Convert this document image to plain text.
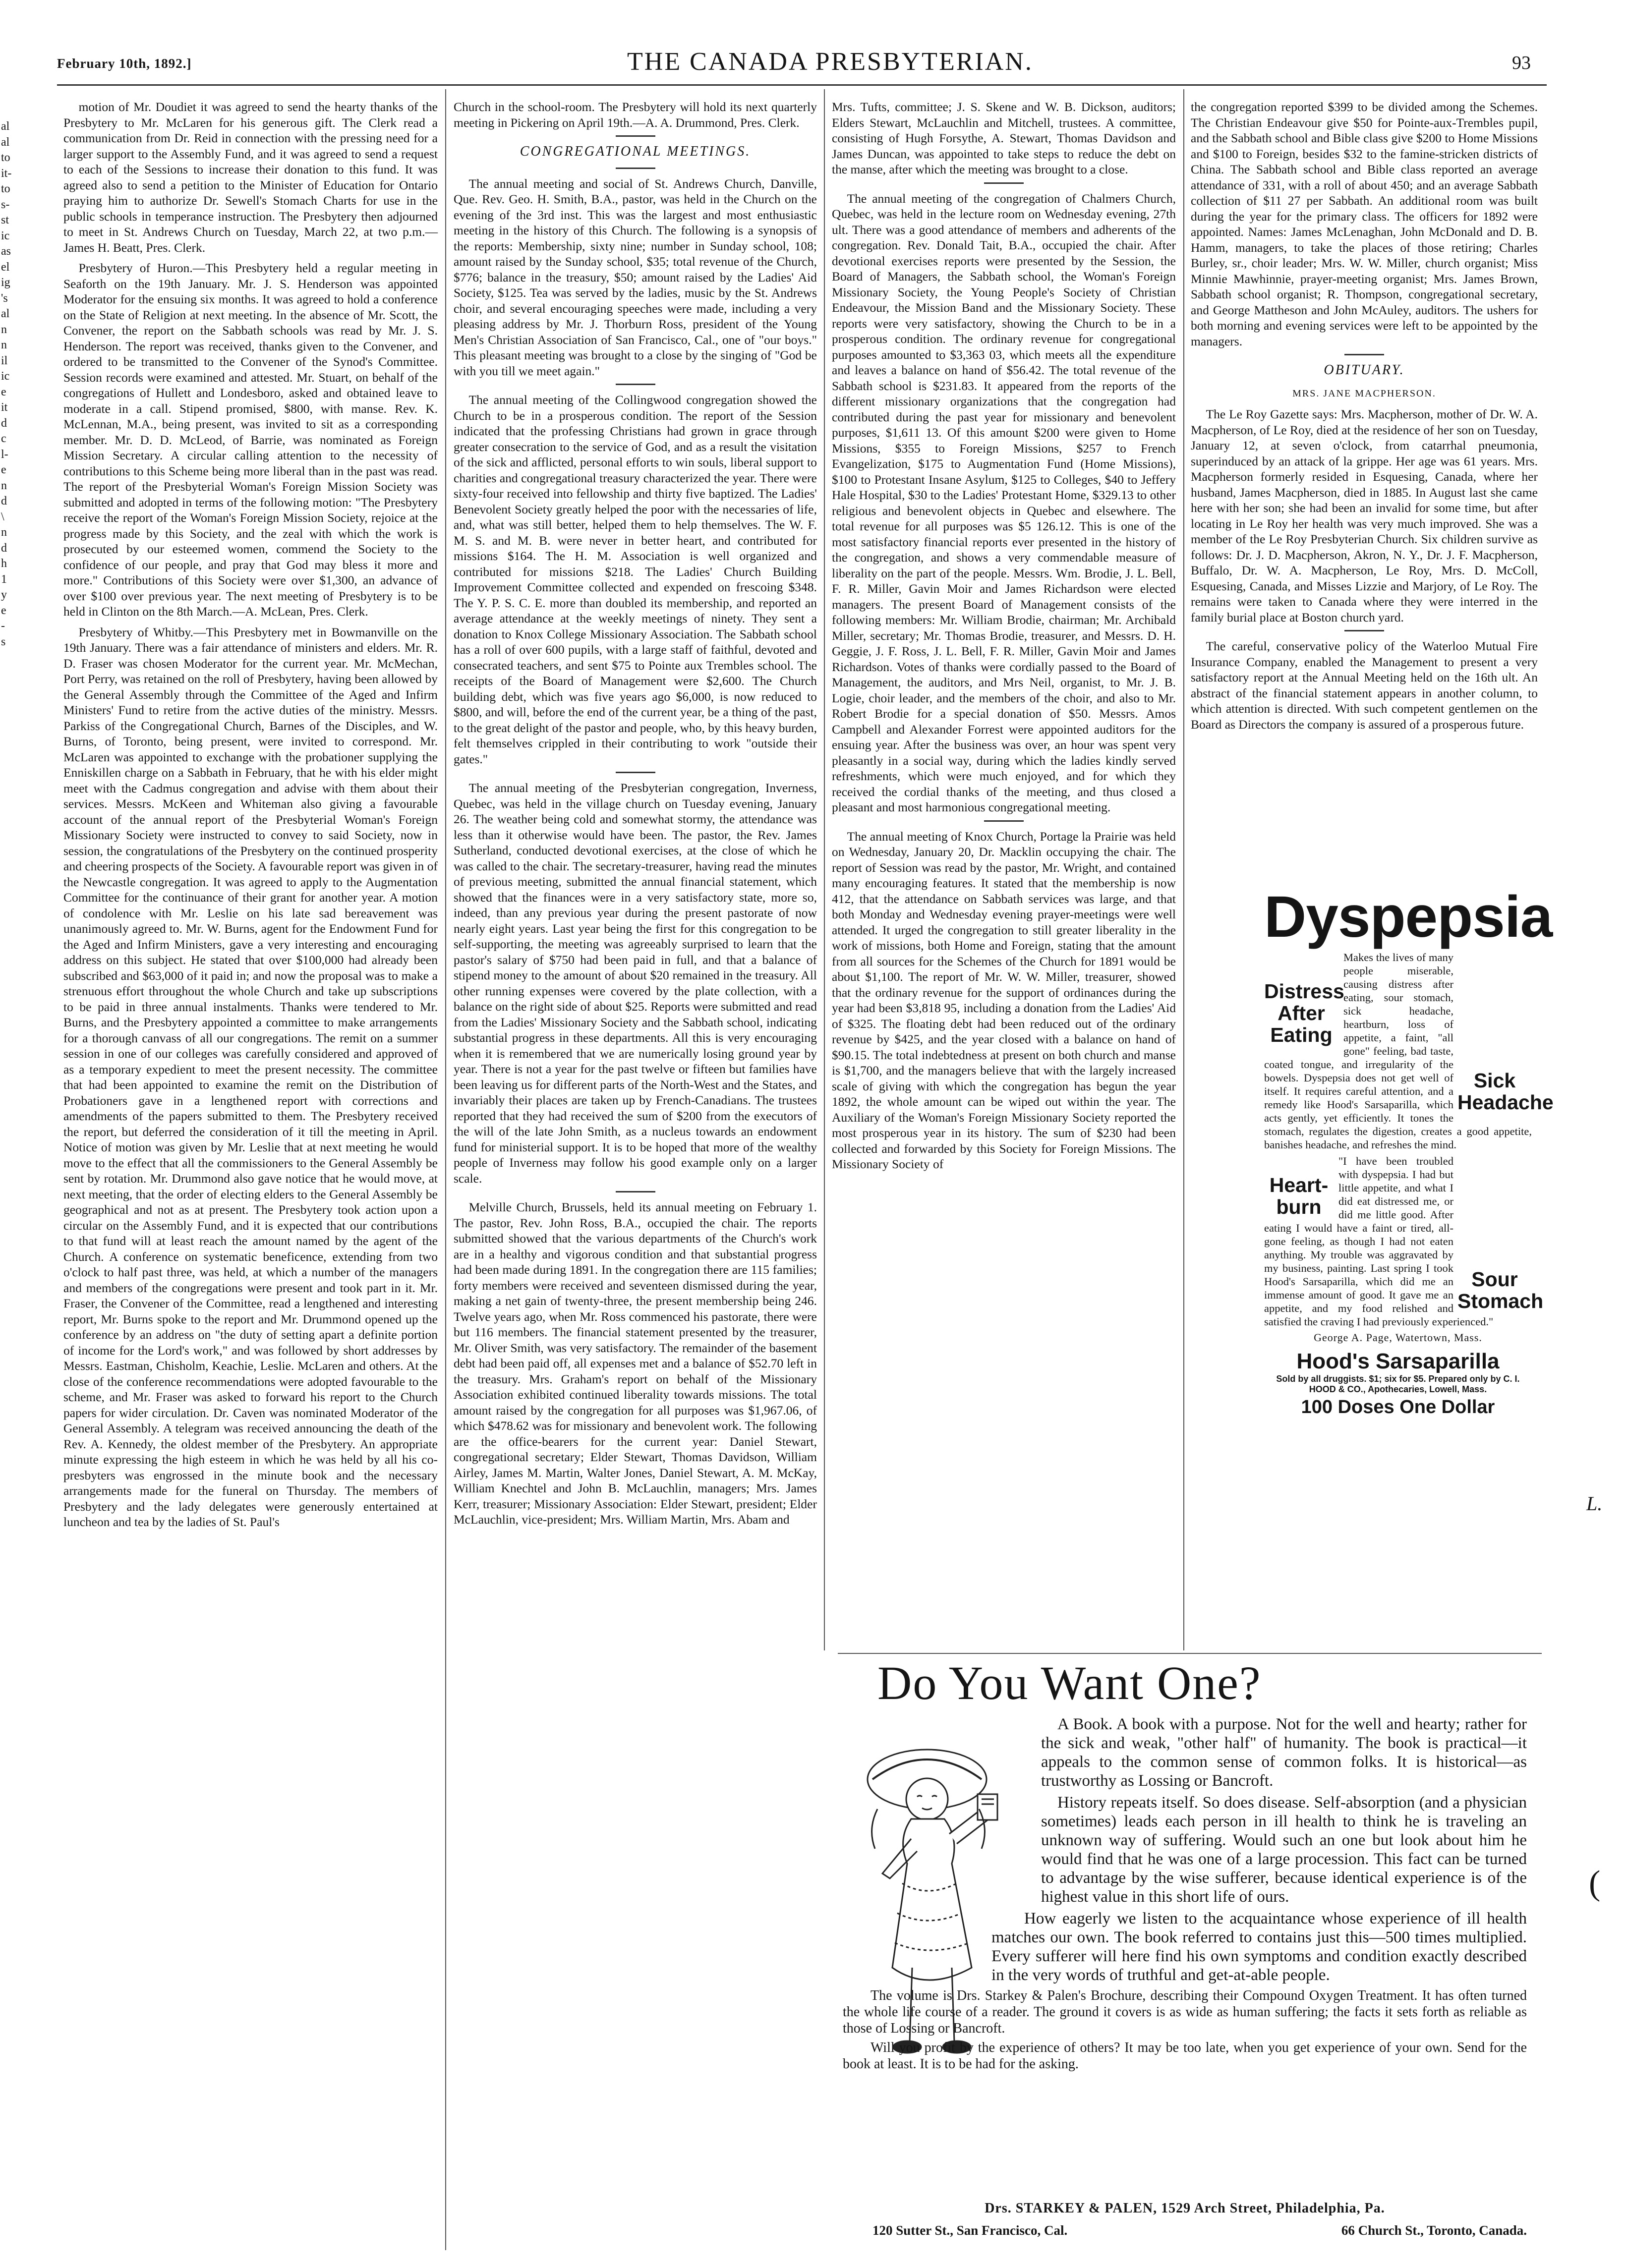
February 10th, 1892.]	THE CANADA PRESBYTERIAN.	93
al
al
to
it-
to
s-
st
ic
as
el
ig
's
al
n
n
il
ic
e
it
d
c
l-
e
n
d
\
n
d
h
1
y
e
-
s

motion of Mr. Doudiet it was agreed to send the hearty thanks of the Presbytery to Mr. McLaren for his generous gift. The Clerk read a communication from Dr. Reid in connection with the pressing need for a larger support to the Assembly Fund, and it was agreed to send a request to each of the Sessions to increase their donation to this fund. It was agreed also to send a petition to the Minister of Education for Ontario praying him to authorize Dr. Sewell's Stomach Charts for use in the public schools in temperance instruction. The Presbytery then adjourned to meet in St. Andrews Church on Tuesday, March 22, at two p.m.—James H. Beatt, Pres. Clerk.

Presbytery of Huron.—This Presbytery held a regular meeting in Seaforth on the 19th January. Mr. J. S. Henderson was appointed Moderator for the ensuing six months. It was agreed to hold a conference on the State of Religion at next meeting. In the absence of Mr. Scott, the Convener, the report on the Sabbath schools was read by Mr. J. S. Henderson. The report was received, thanks given to the Convener, and ordered to be transmitted to the Convener of the Synod's Committee. Session records were examined and attested. Mr. Stuart, on behalf of the congregations of Hullett and Londesboro, asked and obtained leave to moderate in a call. Stipend promised, $800, with manse. Rev. K. McLennan, M.A., being present, was invited to sit as a corresponding member. Mr. D. D. McLeod, of Barrie, was nominated as Foreign Mission Secretary. A circular calling attention to the necessity of contributions to this Scheme being more liberal than in the past was read. The report of the Presbyterial Woman's Foreign Mission Society was submitted and adopted in terms of the following motion: "The Presbytery receive the report of the Woman's Foreign Mission Society, rejoice at the progress made by this Society, and the zeal with which the work is prosecuted by our esteemed women, commend the Society to the confidence of our people, and pray that God may bless it more and more." Contributions of this Society were over $1,300, an advance of over $100 over previous year. The next meeting of Presbytery is to be held in Clinton on the 8th March.—A. McLean, Pres. Clerk.

Presbytery of Whitby.—This Presbytery met in Bowmanville on the 19th January. There was a fair attendance of ministers and elders. Mr. R. D. Fraser was chosen Moderator for the current year. Mr. McMechan, Port Perry, was retained on the roll of Presbytery, having been allowed by the General Assembly through the Committee of the Aged and Infirm Ministers' Fund to retire from the active duties of the ministry. Messrs. Parkiss of the Congregational Church, Barnes of the Disciples, and W. Burns, of Toronto, being present, were invited to correspond. Mr. McLaren was appointed to exchange with the probationer supplying the Enniskillen charge on a Sabbath in February, that he with his elder might meet with the Cadmus congregation and advise with them about their services. Messrs. McKeen and Whiteman also giving a favourable account of the annual report of the Presbyterial Woman's Foreign Missionary Society were instructed to convey to said Society, now in session, the congratulations of the Presbytery on the continued prosperity and cheering prospects of the Society. A favourable report was given in of the Newcastle congregation. It was agreed to apply to the Augmentation Committee for the continuance of their grant for another year. A motion of condolence with Mr. Leslie on his late sad bereavement was unanimously agreed to. Mr. W. Burns, agent for the Endowment Fund for the Aged and Infirm Ministers, gave a very interesting and encouraging address on this subject. He stated that over $100,000 had already been subscribed and $63,000 of it paid in; and now the proposal was to make a strenuous effort throughout the whole Church and take up subscriptions to be paid in three annual instalments. Thanks were tendered to Mr. Burns, and the Presbytery appointed a committee to make arrangements for a thorough canvass of all our congregations. The remit on a summer session in one of our colleges was carefully considered and approved of as a temporary expedient to meet the present necessity. The committee that had been appointed to examine the remit on the Distribution of Probationers gave in a lengthened report with corrections and amendments of the papers submitted to them. The Presbytery received the report, but deferred the consideration of it till the meeting in April. Notice of motion was given by Mr. Leslie that at next meeting he would move to the effect that all the commissioners to the General Assembly be sent by rotation. Mr. Drummond also gave notice that he would move, at next meeting, that the order of electing elders to the General Assembly be geographical and not as at present. The Presbytery took action upon a circular on the Assembly Fund, and it is expected that our contributions to that fund will at least reach the amount named by the agent of the Church. A conference on systematic beneficence, extending from two o'clock to half past three, was held, at which a number of the managers and members of the congregations were present and took part in it. Mr. Fraser, the Convener of the Committee, read a lengthened and interesting report, Mr. Burns spoke to the report and Mr. Drummond opened up the conference by an address on "the duty of setting apart a definite portion of income for the Lord's work," and was followed by short addresses by Messrs. Eastman, Chisholm, Keachie, Leslie. McLaren and others. At the close of the conference recommendations were adopted favourable to the scheme, and Mr. Fraser was asked to forward his report to the Church papers for wider circulation. Dr. Caven was nominated Moderator of the General Assembly. A telegram was received announcing the death of the Rev. A. Kennedy, the oldest member of the Presbytery. An appropriate minute expressing the high esteem in which he was held by all his co-presbyters was engrossed in the minute book and the necessary arrangements made for the funeral on Thursday. The members of Presbytery and the lady delegates were generously entertained at luncheon and tea by the ladies of St. Paul's

Church in the school-room. The Presbytery will hold its next quarterly meeting in Pickering on April 19th.—A. A. Drummond, Pres. Clerk.

CONGREGATIONAL MEETINGS.

The annual meeting and social of St. Andrews Church, Danville, Que. Rev. Geo. H. Smith, B.A., pastor, was held in the Church on the evening of the 3rd inst. This was the largest and most enthusiastic meeting in the history of this Church. The following is a synopsis of the reports: Membership, sixty nine; number in Sunday school, 108; amount raised by the Sunday school, $35; total revenue of the Church, $776; balance in the treasury, $50; amount raised by the Ladies' Aid Society, $125. Tea was served by the ladies, music by the St. Andrews choir, and several encouraging speeches were made, including a very pleasing address by Mr. J. Thorburn Ross, president of the Young Men's Christian Association of San Francisco, Cal., one of "our boys." This pleasant meeting was brought to a close by the singing of "God be with you till we meet again."

The annual meeting of the Collingwood congregation showed the Church to be in a prosperous condition. The report of the Session indicated that the professing Christians had grown in grace through greater consecration to the service of God, and as a result the visitation of the sick and afflicted, personal efforts to win souls, liberal support to charities and congregational treasury characterized the year. There were sixty-four received into fellowship and thirty five baptized. The Ladies' Benevolent Society greatly helped the poor with the necessaries of life, and, what was still better, helped them to help themselves. The W. F. M. S. and M. B. were never in better heart, and contributed for missions $164. The H. M. Association is well organized and contributed for missions $218. The Ladies' Church Building Improvement Committee collected and expended on frescoing $348. The Y. P. S. C. E. more than doubled its membership, and reported an average attendance at the weekly meetings of ninety. They sent a donation to Knox College Missionary Association. The Sabbath school has a roll of over 600 pupils, with a large staff of faithful, devoted and consecrated teachers, and sent $75 to Pointe aux Trembles school. The receipts of the Board of Management were $2,600. The Church building debt, which was five years ago $6,000, is now reduced to $800, and will, before the end of the current year, be a thing of the past, to the great delight of the pastor and people, who, by this heavy burden, felt themselves crippled in their contributing to work "outside their gates."

The annual meeting of the Presbyterian congregation, Inverness, Quebec, was held in the village church on Tuesday evening, January 26. The weather being cold and somewhat stormy, the attendance was less than it otherwise would have been. The pastor, the Rev. James Sutherland, conducted devotional exercises, at the close of which he was called to the chair. The secretary-treasurer, having read the minutes of previous meeting, submitted the annual financial statement, which showed that the finances were in a very satisfactory state, more so, indeed, than any previous year during the present pastorate of now nearly eight years. Last year being the first for this congregation to be self-supporting, the meeting was agreeably surprised to learn that the pastor's salary of $750 had been paid in full, and that a balance of stipend money to the amount of about $20 remained in the treasury. All other running expenses were covered by the plate collection, with a balance on the right side of about $25. Reports were submitted and read from the Ladies' Missionary Society and the Sabbath school, indicating substantial progress in these departments. All this is very encouraging when it is remembered that we are numerically losing ground year by year. There is not a year for the past twelve or fifteen but families have been leaving us for different parts of the North-West and the States, and invariably their places are taken up by French-Canadians. The trustees reported that they had received the sum of $200 from the executors of the will of the late John Smith, as a nucleus towards an endowment fund for ministerial support. It is to be hoped that more of the wealthy people of Inverness may follow his good example only on a larger scale.

Melville Church, Brussels, held its annual meeting on February 1. The pastor, Rev. John Ross, B.A., occupied the chair. The reports submitted showed that the various departments of the Church's work are in a healthy and vigorous condition and that substantial progress had been made during 1891. In the congregation there are 115 families; forty members were received and seventeen dismissed during the year, making a net gain of twenty-three, the present membership being 246. Twelve years ago, when Mr. Ross commenced his pastorate, there were but 116 members. The financial statement presented by the treasurer, Mr. Oliver Smith, was very satisfactory. The remainder of the basement debt had been paid off, all expenses met and a balance of $52.70 left in the treasury. Mrs. Graham's report on behalf of the Missionary Association exhibited continued liberality towards missions. The total amount raised by the congregation for all purposes was $1,967.06, of which $478.62 was for missionary and benevolent work. The following are the office-bearers for the current year: Daniel Stewart, congregational secretary; Elder Stewart, Thomas Davidson, William Airley, James M. Martin, Walter Jones, Daniel Stewart, A. M. McKay, William Knechtel and John B. McLauchlin, managers; Mrs. James Kerr, treasurer; Missionary Association: Elder Stewart, president; Elder McLauchlin, vice-president; Mrs. William Martin, Mrs. Abam and

Mrs. Tufts, committee; J. S. Skene and W. B. Dickson, auditors; Elders Stewart, McLauchlin and Mitchell, trustees. A committee, consisting of Hugh Forsythe, A. Stewart, Thomas Davidson and James Duncan, was appointed to take steps to reduce the debt on the manse, after which the meeting was brought to a close.

The annual meeting of the congregation of Chalmers Church, Quebec, was held in the lecture room on Wednesday evening, 27th ult. There was a good attendance of members and adherents of the congregation. Rev. Donald Tait, B.A., occupied the chair. After devotional exercises reports were presented by the Session, the Board of Managers, the Sabbath school, the Woman's Foreign Missionary Society, the Young People's Society of Christian Endeavour, the Mission Band and the Missionary Society. These reports were very satisfactory, showing the Church to be in a prosperous condition. The ordinary revenue for congregational purposes amounted to $3,363 03, which meets all the expenditure and leaves a balance on hand of $56.42. The total revenue of the Sabbath school is $231.83. It appeared from the reports of the different missionary organizations that the congregation had contributed during the past year for missionary and benevolent purposes, $1,611 13. Of this amount $200 were given to Home Missions, $355 to Foreign Missions, $257 to French Evangelization, $175 to Augmentation Fund (Home Missions), $100 to Protestant Insane Asylum, $125 to Colleges, $40 to Jeffery Hale Hospital, $30 to the Ladies' Protestant Home, $329.13 to other religious and benevolent objects in Quebec and elsewhere. The total revenue for all purposes was $5 126.12. This is one of the most satisfactory financial reports ever presented in the history of the congregation, and shows a very commendable measure of liberality on the part of the people. Messrs. Wm. Brodie, J. L. Bell, F. R. Miller, Gavin Moir and James Richardson were elected managers. The present Board of Management consists of the following members: Mr. William Brodie, chairman; Mr. Archibald Miller, secretary; Mr. Thomas Brodie, treasurer, and Messrs. D. H. Geggie, J. F. Ross, J. L. Bell, F. R. Miller, Gavin Moir and James Richardson. Votes of thanks were cordially passed to the Board of Management, the auditors, and Mrs Neil, organist, to Mr. J. B. Logie, choir leader, and the members of the choir, and also to Mr. Robert Brodie for a special donation of $50. Messrs. Amos Campbell and Alexander Forrest were appointed auditors for the ensuing year. After the business was over, an hour was spent very pleasantly in a social way, during which the ladies kindly served refreshments, which were much enjoyed, and for which they received the cordial thanks of the meeting, and thus closed a pleasant and most harmonious congregational meeting.

The annual meeting of Knox Church, Portage la Prairie was held on Wednesday, January 20, Dr. Macklin occupying the chair. The report of Session was read by the pastor, Mr. Wright, and contained many encouraging features. It stated that the membership is now 412, that the attendance on Sabbath services was large, and that both Monday and Wednesday evening prayer-meetings were well attended. It urged the congregation to still greater liberality in the work of missions, both Home and Foreign, stating that the amount from all sources for the Schemes of the Church for 1891 would be about $1,100. The report of Mr. W. W. Miller, treasurer, showed that the ordinary revenue for the support of ordinances during the year had been $3,818 95, including a donation from the Ladies' Aid of $325. The floating debt had been reduced out of the ordinary revenue by $425, and the year closed with a balance on hand of $90.15. The total indebtedness at present on both church and manse is $1,700, and the managers believe that with the largely increased scale of giving with which the congregation has begun the year 1892, the whole amount can be wiped out within the year. The Auxiliary of the Woman's Foreign Missionary Society reported the most prosperous year in its history. The sum of $230 had been collected and forwarded by this Society for Foreign Missions. The Missionary Society of

the congregation reported $399 to be divided among the Schemes. The Christian Endeavour give $50 for Pointe-aux-Trembles pupil, and the Sabbath school and Bible class give $200 to Home Missions and $100 to Foreign, besides $32 to the famine-stricken districts of China. The Sabbath school and Bible class reported an average attendance of 331, with a roll of about 450; and an average Sabbath collection of $11 27 per Sabbath. An additional room was built during the year for the primary class. The officers for 1892 were appointed. Names: James McLenaghan, John McDonald and D. B. Hamm, managers, to take the places of those retiring; Charles Burley, sr., choir leader; Mrs. W. W. Miller, church organist; Miss Minnie Mawhinnie, prayer-meeting organist; Mrs. James Brown, Sabbath school organist; R. Thompson, congregational secretary, and George Mattheson and John McAuley, auditors. The ushers for both morning and evening services were left to be appointed by the managers.

OBITUARY.
MRS. JANE MACPHERSON.

The Le Roy Gazette says: Mrs. Macpherson, mother of Dr. W. A. Macpherson, of Le Roy, died at the residence of her son on Tuesday, January 12, at seven o'clock, from catarrhal pneumonia, superinduced by an attack of la grippe. Her age was 61 years. Mrs. Macpherson formerly resided in Esquesing, Canada, where her husband, James Macpherson, died in 1885. In August last she came here with her son; she had been an invalid for some time, but after locating in Le Roy her health was very much improved. She was a member of the Le Roy Presbyterian Church. Six children survive as follows: Dr. J. D. Macpherson, Akron, N. Y., Dr. J. F. Macpherson, Buffalo, Dr. W. A. Macpherson, Le Roy, Mrs. D. McColl, Esquesing, Canada, and Misses Lizzie and Marjory, of Le Roy. The remains were taken to Canada where they were interred in the family burial place at Boston church yard.

The careful, conservative policy of the Waterloo Mutual Fire Insurance Company, enabled the Management to present a very satisfactory report at the Annual Meeting held on the 16th ult. An abstract of the financial statement appears in another column, to which attention is directed. With such competent gentlemen on the Board as Directors the company is assured of a prosperous future.

Dyspepsia
Distress After Eating
Sick Headache
Makes the lives of many people miserable, causing distress after eating, sour stomach, sick headache, heartburn, loss of appetite, a faint, "all gone" feeling, bad taste, coated tongue, and irregularity of the bowels. Dyspepsia does not get well of itself. It requires careful attention, and a remedy like Hood's Sarsaparilla, which acts gently, yet efficiently. It tones the stomach, regulates the digestion, creates a good appetite, banishes headache, and refreshes the mind.
Heart-burn
Sour Stomach
"I have been troubled with dyspepsia. I had but little appetite, and what I did eat distressed me, or did me little good. After eating I would have a faint or tired, all-gone feeling, as though I had not eaten anything. My trouble was aggravated by my business, painting. Last spring I took Hood's Sarsaparilla, which did me an immense amount of good. It gave me an appetite, and my food relished and satisfied the craving I had previously experienced."
George A. Page, Watertown, Mass.
Hood's Sarsaparilla
Sold by all druggists. $1; six for $5. Prepared only by C. I. HOOD & CO., Apothecaries, Lowell, Mass.
100 Doses One Dollar
Do You Want One?

A Book. A book with a purpose. Not for the well and hearty; rather for the sick and weak, "other half" of humanity. The book is practical—it appeals to the common sense of common folks. It is historical—as trustworthy as Lossing or Bancroft.

History repeats itself. So does disease. Self-absorption (and a physician sometimes) leads each person in ill health to think he is traveling an unknown way of suffering. Would such an one but look about him he would find that he was one of a large procession. This fact can be turned to advantage by the wise sufferer, because identical experience is of the highest value in this short life of ours.

How eagerly we listen to the acquaintance whose experience of ill health matches our own. The book referred to contains just this—500 times multiplied. Every sufferer will here find his own symptoms and condition exactly described in the very words of truthful and get-at-able people.

The volume is Drs. Starkey & Palen's Brochure, describing their Compound Oxygen Treatment. It has often turned the whole life course of a reader. The ground it covers is as wide as human suffering; the facts it sets forth as reliable as those of Lossing or Bancroft.

Will you profit by the experience of others? It may be too late, when you get experience of your own. Send for the book at least. It is to be had for the asking.

Drs. STARKEY & PALEN, 1529 Arch Street, Philadelphia, Pa.
120 Sutter St., San Francisco, Cal.	66 Church St., Toronto, Canada.
L.
(
